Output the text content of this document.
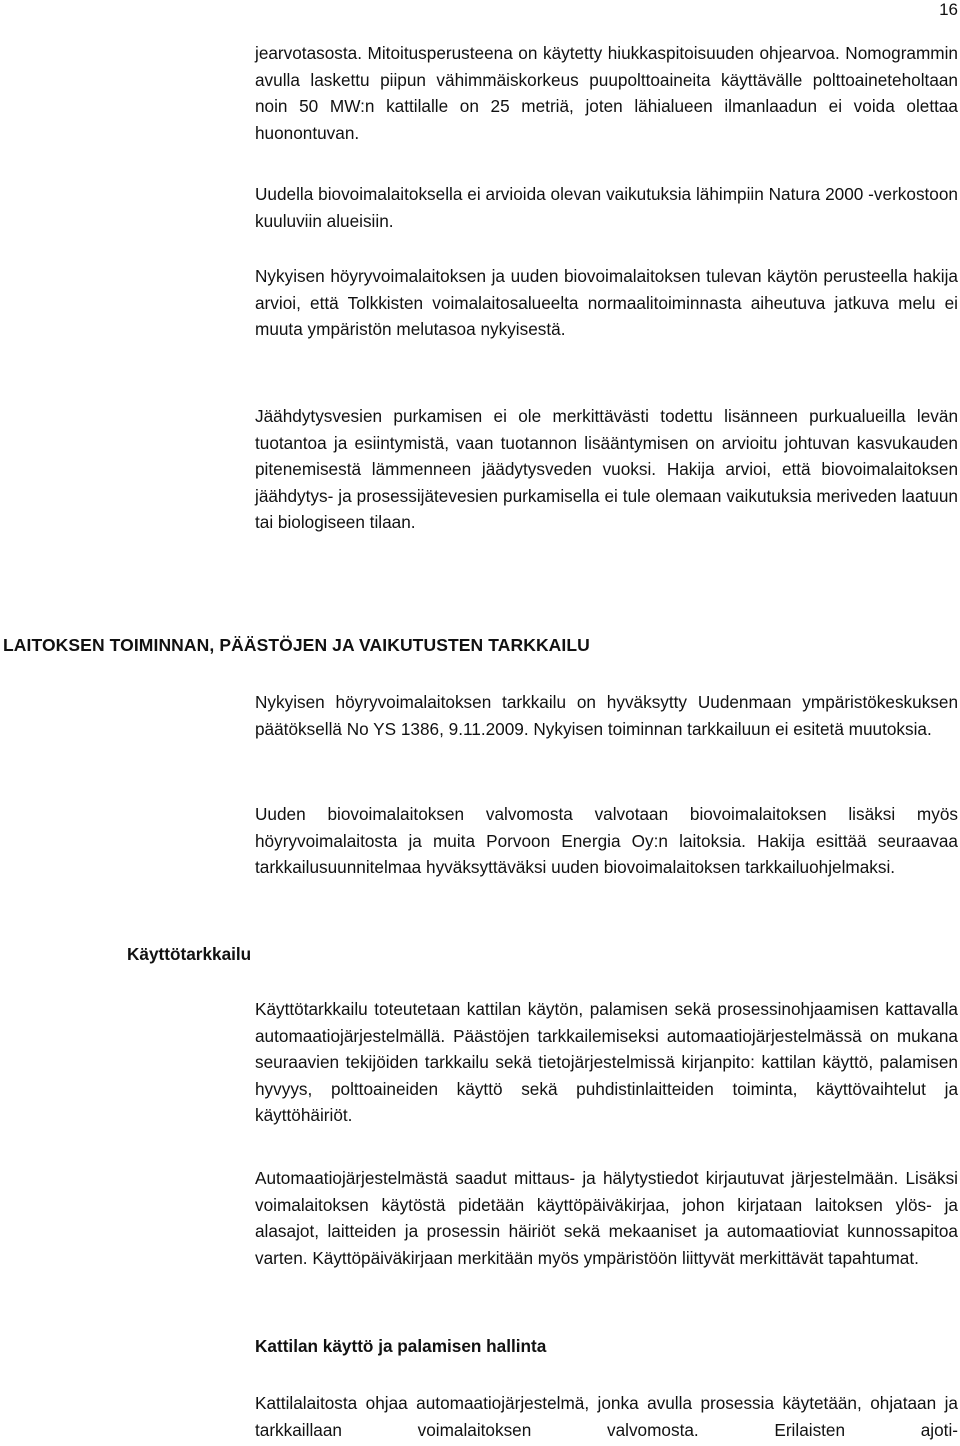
16

jearvotasosta. Mitoitusperusteena on käytetty hiukkaspitoisuuden ohjearvoa. Nomogrammin avulla laskettu piipun vähimmäiskorkeus puupolttoaineita käyttävälle polttoaineteholtaan noin 50 MW:n kattilalle on 25 metriä, joten lähialueen ilmanlaadun ei voida olettaa huonontuvan.

Uudella biovoimalaitoksella ei arvioida olevan vaikutuksia lähimpiin Natura 2000 -verkostoon kuuluviin alueisiin.

Nykyisen höyryvoimalaitoksen ja uuden biovoimalaitoksen tulevan käytön perusteella hakija arvioi, että Tolkkisten voimalaitosalueelta normaalitoiminnasta aiheutuva jatkuva melu ei muuta ympäristön melutasoa nykyisestä.

Jäähdytysvesien purkamisen ei ole merkittävästi todettu lisänneen purkualueilla levän tuotantoa ja esiintymistä, vaan tuotannon lisääntymisen on arvioitu johtuvan kasvukauden pitenemisestä lämmenneen jäädytysveden vuoksi. Hakija arvioi, että biovoimalaitoksen jäähdytys- ja prosessijätevesien purkamisella ei tule olemaan vaikutuksia meriveden laatuun tai biologiseen tilaan.

LAITOKSEN TOIMINNAN, PÄÄSTÖJEN JA VAIKUTUSTEN TARKKAILU

Nykyisen höyryvoimalaitoksen tarkkailu on hyväksytty Uudenmaan ympäristökeskuksen päätöksellä No YS 1386, 9.11.2009. Nykyisen toiminnan tarkkailuun ei esitetä muutoksia.

Uuden biovoimalaitoksen valvomosta valvotaan biovoimalaitoksen lisäksi myös höyryvoimalaitosta ja muita Porvoon Energia Oy:n laitoksia. Hakija esittää seuraavaa tarkkailusuunnitelmaa hyväksyttäväksi uuden biovoimalaitoksen tarkkailuohjelmaksi.

Käyttötarkkailu

Käyttötarkkailu toteutetaan kattilan käytön, palamisen sekä prosessinohjaamisen kattavalla automaatiojärjestelmällä. Päästöjen tarkkailemiseksi automaatiojärjestelmässä on mukana seuraavien tekijöiden tarkkailu sekä tietojärjestelmissä kirjanpito: kattilan käyttö, palamisen hyvyys, polttoaineiden käyttö sekä puhdistinlaitteiden toiminta, käyttövaihtelut ja käyttöhäiriöt.

Automaatiojärjestelmästä saadut mittaus- ja hälytystiedot kirjautuvat järjestelmään. Lisäksi voimalaitoksen käytöstä pidetään käyttöpäiväkirjaa, johon kirjataan laitoksen ylös- ja alasajot, laitteiden ja prosessin häiriöt sekä mekaaniset ja automaatioviat kunnossapitoa varten. Käyttöpäiväkirjaan merkitään myös ympäristöön liittyvät merkittävät tapahtumat.

Kattilan käyttö ja palamisen hallinta

Kattilalaitosta ohjaa automaatiojärjestelmä, jonka avulla prosessia käytetään, ohjataan ja tarkkaillaan voimalaitoksen valvomosta. Erilaisten ajoti-
